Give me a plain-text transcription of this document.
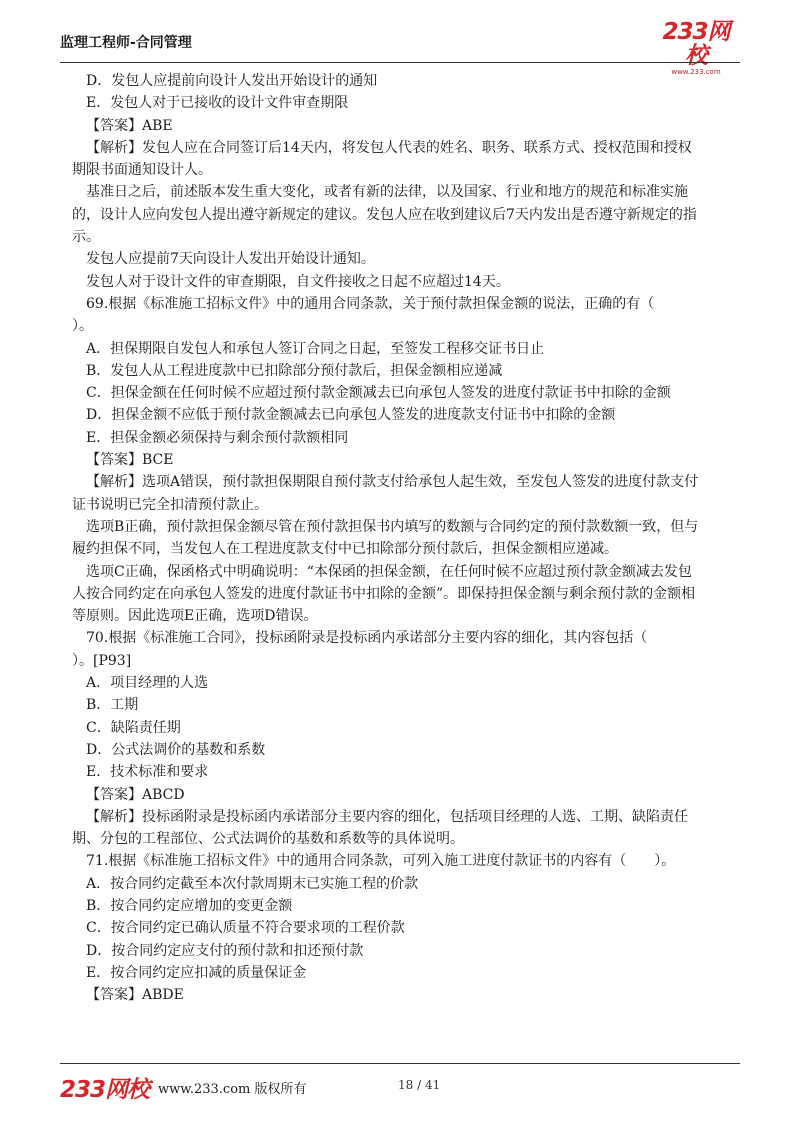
监理工程师-合同管理	233网校
www.233.com
D．发包人应提前向设计人发出开始设计的通知
E．发包人对于已接收的设计文件审查期限
【答案】ABE
【解析】发包人应在合同签订后14天内，将发包人代表的姓名、职务、联系方式、授权范围和授权
期限书面通知设计人。
基准日之后，前述版本发生重大变化，或者有新的法律，以及国家、行业和地方的规范和标准实施
的，设计人应向发包人提出遵守新规定的建议。发包人应在收到建议后7天内发出是否遵守新规定的指
示。
发包人应提前7天向设计人发出开始设计通知。
发包人对于设计文件的审查期限，自文件接收之日起不应超过14天。
69.根据《标准施工招标文件》中的通用合同条款，关于预付款担保金额的说法，正确的有（
）。
A．担保期限自发包人和承包人签订合同之日起，至签发工程移交证书日止
B．发包人从工程进度款中已扣除部分预付款后，担保金额相应递减
C．担保金额在任何时候不应超过预付款金额减去已向承包人签发的进度付款证书中扣除的金额
D．担保金额不应低于预付款金额减去已向承包人签发的进度款支付证书中扣除的金额
E．担保金额必须保持与剩余预付款额相同
【答案】BCE
【解析】选项A错误，预付款担保期限自预付款支付给承包人起生效，至发包人签发的进度付款支付
证书说明已完全扣清预付款止。
选项B正确，预付款担保金额尽管在预付款担保书内填写的数额与合同约定的预付款数额一致，但与
履约担保不同，当发包人在工程进度款支付中已扣除部分预付款后，担保金额相应递减。
选项C正确，保函格式中明确说明：“本保函的担保金额，在任何时候不应超过预付款金额减去发包
人按合同约定在向承包人签发的进度付款证书中扣除的金额”。即保持担保金额与剩余预付款的金额相
等原则。因此选项E正确，选项D错误。
70.根据《标准施工合同》，投标函附录是投标函内承诺部分主要内容的细化，其内容包括（
）。[P93]
A．项目经理的人选
B．工期
C．缺陷责任期
D．公式法调价的基数和系数
E．技术标准和要求
【答案】ABCD
【解析】投标函附录是投标函内承诺部分主要内容的细化，包括项目经理的人选、工期、缺陷责任
期、分包的工程部位、公式法调价的基数和系数等的具体说明。
71.根据《标准施工招标文件》中的通用合同条款，可列入施工进度付款证书的内容有（　　）。
A．按合同约定截至本次付款周期末已实施工程的价款
B．按合同约定应增加的变更金额
C．按合同约定已确认质量不符合要求项的工程价款
D．按合同约定应支付的预付款和扣还预付款
E．按合同约定应扣减的质量保证金
【答案】ABDE
233网校 www.233.com 版权所有	18 / 41
